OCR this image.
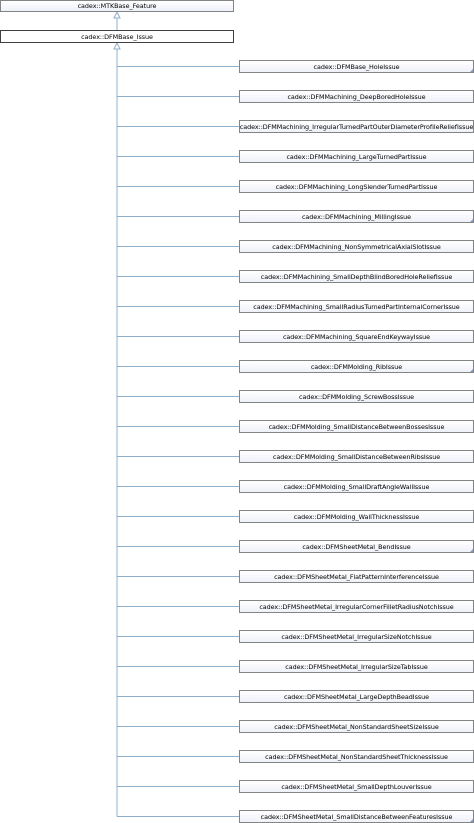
cadex::MTKBase_Feature
cadex::DFMBase_Issue
cadex::DFMBase_HoleIssue
cadex::DFMMachining_DeepBoredHoleIssue
cadex::DFMMachining_IrregularTurnedPartOuterDiameterProfileReliefIssue
cadex::DFMMachining_LargeTurnedPartIssue
cadex::DFMMachining_LongSlenderTurnedPartIssue
cadex::DFMMachining_MillingIssue
cadex::DFMMachining_NonSymmetricalAxialSlotIssue
cadex::DFMMachining_SmallDepthBlindBoredHoleReliefIssue
cadex::DFMMachining_SmallRadiusTurnedPartInternalCornerIssue
cadex::DFMMachining_SquareEndKeywayIssue
cadex::DFMMolding_RibIssue
cadex::DFMMolding_ScrewBossIssue
cadex::DFMMolding_SmallDistanceBetweenBossesIssue
cadex::DFMMolding_SmallDistanceBetweenRibsIssue
cadex::DFMMolding_SmallDraftAngleWallIssue
cadex::DFMMolding_WallThicknessIssue
cadex::DFMSheetMetal_BendIssue
cadex::DFMSheetMetal_FlatPatternInterferenceIssue
cadex::DFMSheetMetal_IrregularCornerFilletRadiusNotchIssue
cadex::DFMSheetMetal_IrregularSizeNotchIssue
cadex::DFMSheetMetal_IrregularSizeTabIssue
cadex::DFMSheetMetal_LargeDepthBeadIssue
cadex::DFMSheetMetal_NonStandardSheetSizeIssue
cadex::DFMSheetMetal_NonStandardSheetThicknessIssue
cadex::DFMSheetMetal_SmallDepthLouverIssue
cadex::DFMSheetMetal_SmallDistanceBetweenFeaturesIssue
